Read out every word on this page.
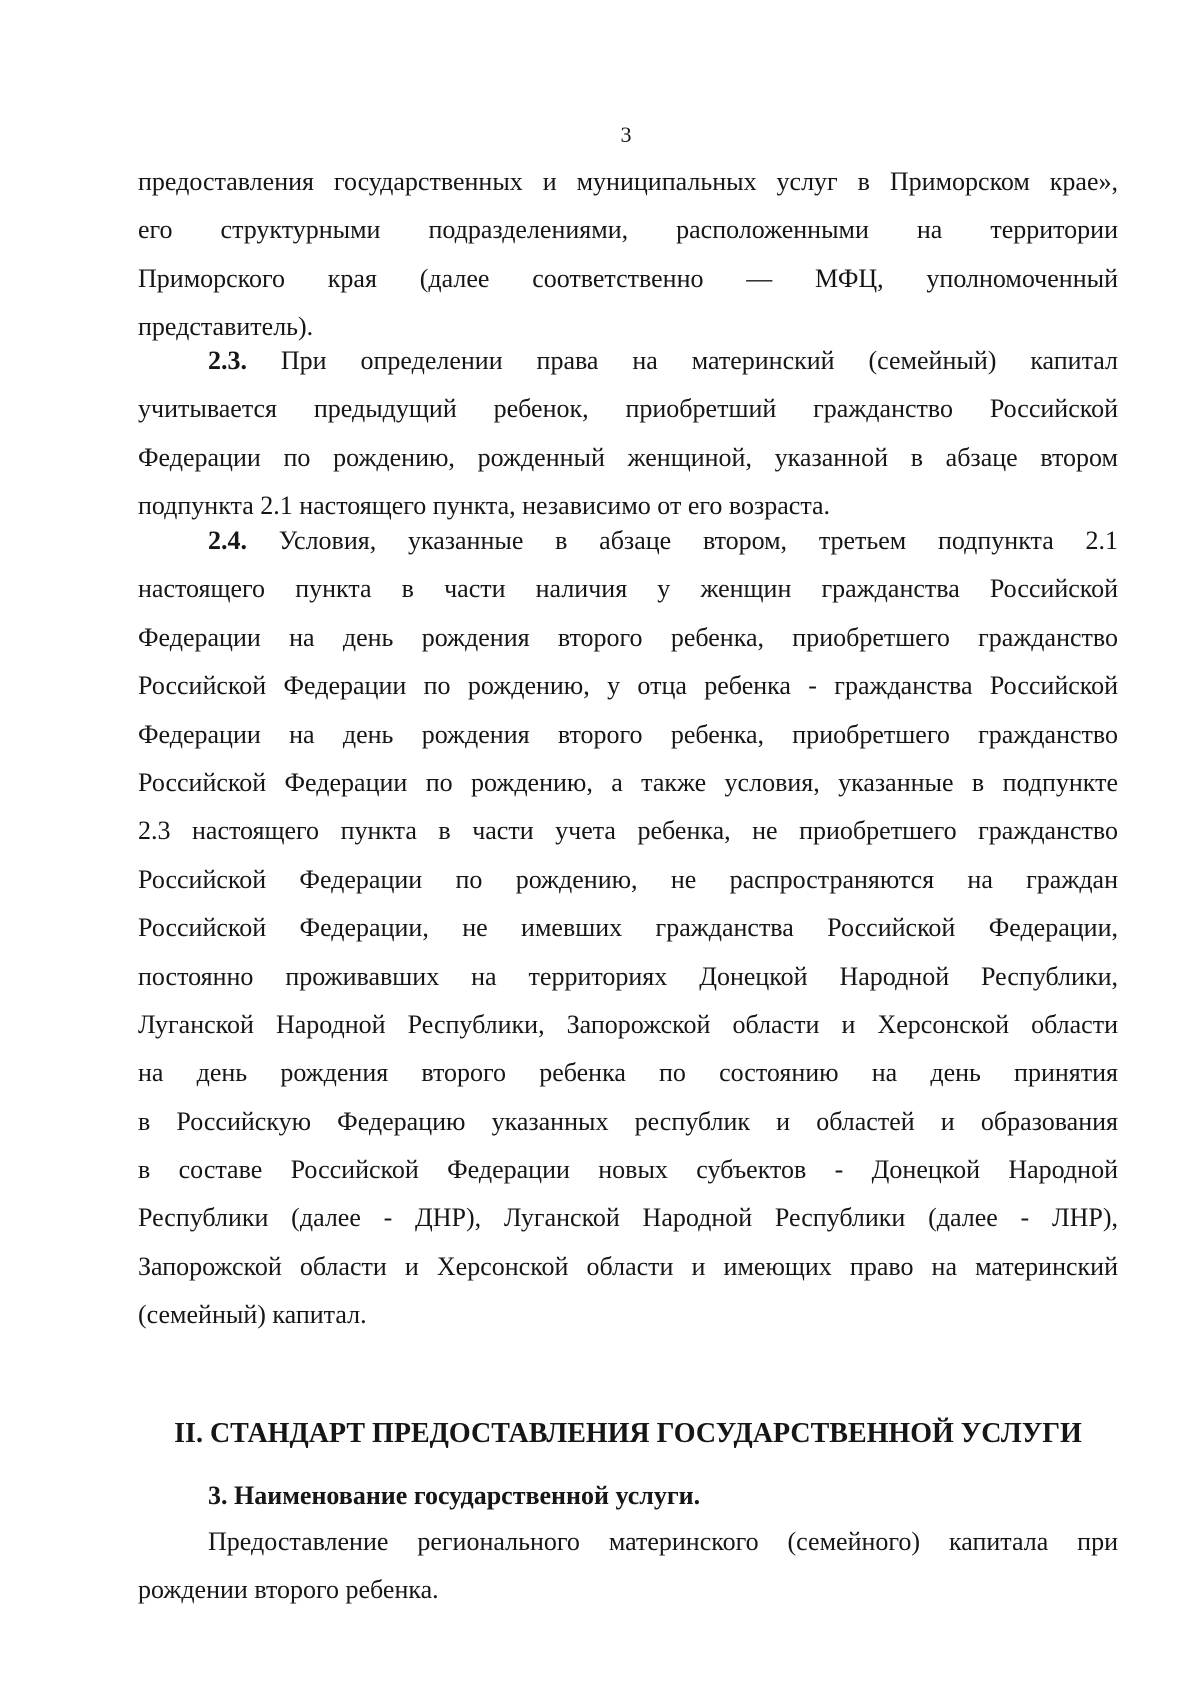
3
предоставления государственных и муниципальных услуг в Приморском крае»,
его структурными подразделениями, расположенными на территории
Приморского края (далее соответственно — МФЦ, уполномоченный
представитель).
2.3. При определении права на материнский (семейный) капитал
учитывается предыдущий ребенок, приобретший гражданство Российской
Федерации по рождению, рожденный женщиной, указанной в абзаце втором
подпункта 2.1 настоящего пункта, независимо от его возраста.
2.4. Условия, указанные в абзаце втором, третьем подпункта 2.1
настоящего пункта в части наличия у женщин гражданства Российской
Федерации на день рождения второго ребенка, приобретшего гражданство
Российской Федерации по рождению, у отца ребенка - гражданства Российской
Федерации на день рождения второго ребенка, приобретшего гражданство
Российской Федерации по рождению, а также условия, указанные в подпункте
2.3 настоящего пункта в части учета ребенка, не приобретшего гражданство
Российской Федерации по рождению, не распространяются на граждан
Российской Федерации, не имевших гражданства Российской Федерации,
постоянно проживавших на территориях Донецкой Народной Республики,
Луганской Народной Республики, Запорожской области и Херсонской области
на день рождения второго ребенка по состоянию на день принятия
в Российскую Федерацию указанных республик и областей и образования
в составе Российской Федерации новых субъектов - Донецкой Народной
Республики (далее - ДНР), Луганской Народной Республики (далее - ЛНР),
Запорожской области и Херсонской области и имеющих право на материнский
(семейный) капитал.
II. СТАНДАРТ ПРЕДОСТАВЛЕНИЯ ГОСУДАРСТВЕННОЙ УСЛУГИ
3. Наименование государственной услуги.
Предоставление регионального материнского (семейного) капитала при
рождении второго ребенка.
